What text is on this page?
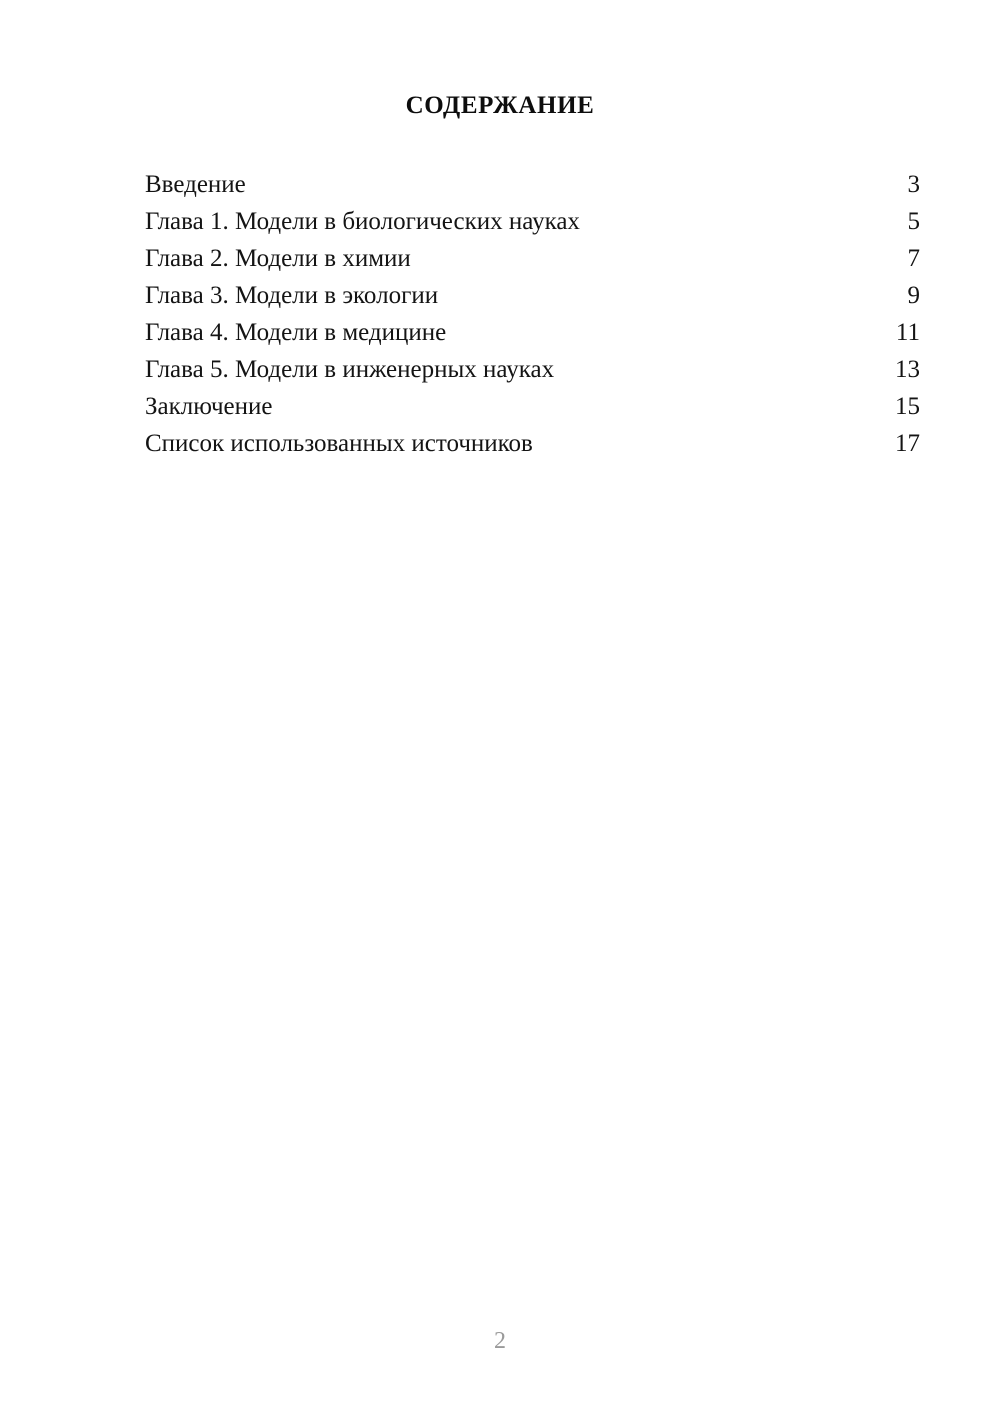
СОДЕРЖАНИЕ
Введение	3
Глава 1. Модели в биологических науках	5
Глава 2. Модели в химии	7
Глава 3. Модели в экологии	9
Глава 4. Модели в медицине	11
Глава 5. Модели в инженерных науках	13
Заключение	15
Список использованных источников	17
2
